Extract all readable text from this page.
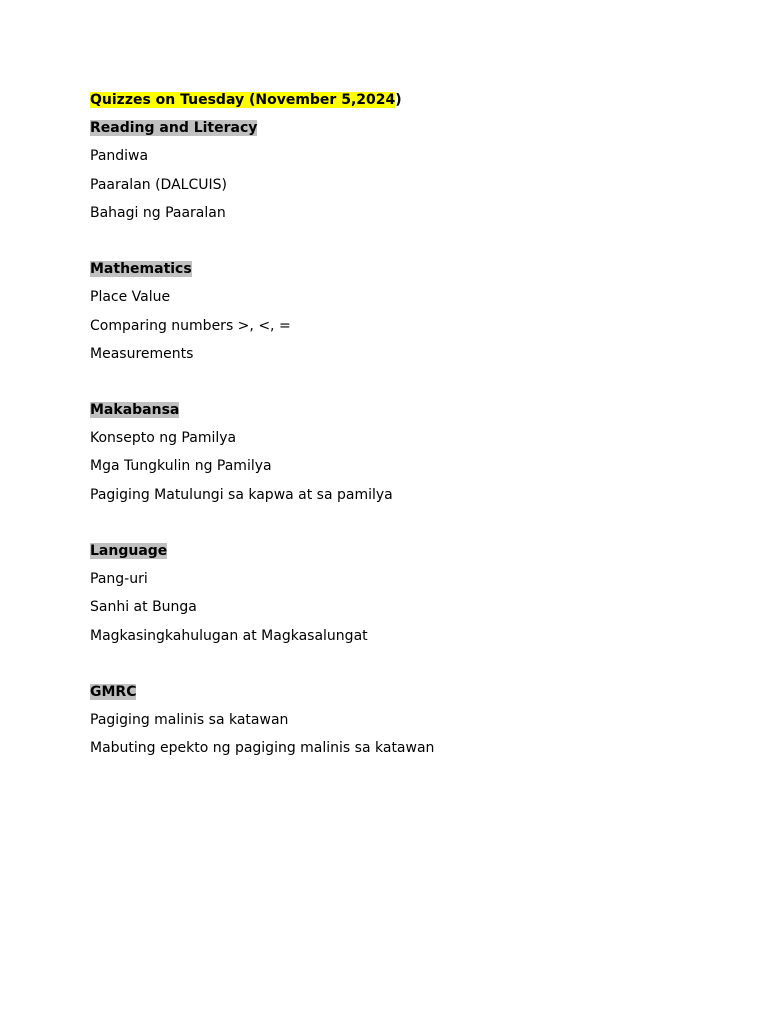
Quizzes on Tuesday (November 5,2024)
Reading and Literacy
Pandiwa
Paaralan (DALCUIS)
Bahagi ng Paaralan
Mathematics
Place Value
Comparing numbers >, <, =
Measurements
Makabansa
Konsepto ng Pamilya
Mga Tungkulin ng Pamilya
Pagiging Matulungi sa kapwa at sa pamilya
Language
Pang-uri
Sanhi at Bunga
Magkasingkahulugan at Magkasalungat
GMRC
Pagiging malinis sa katawan
Mabuting epekto ng pagiging malinis sa katawan
